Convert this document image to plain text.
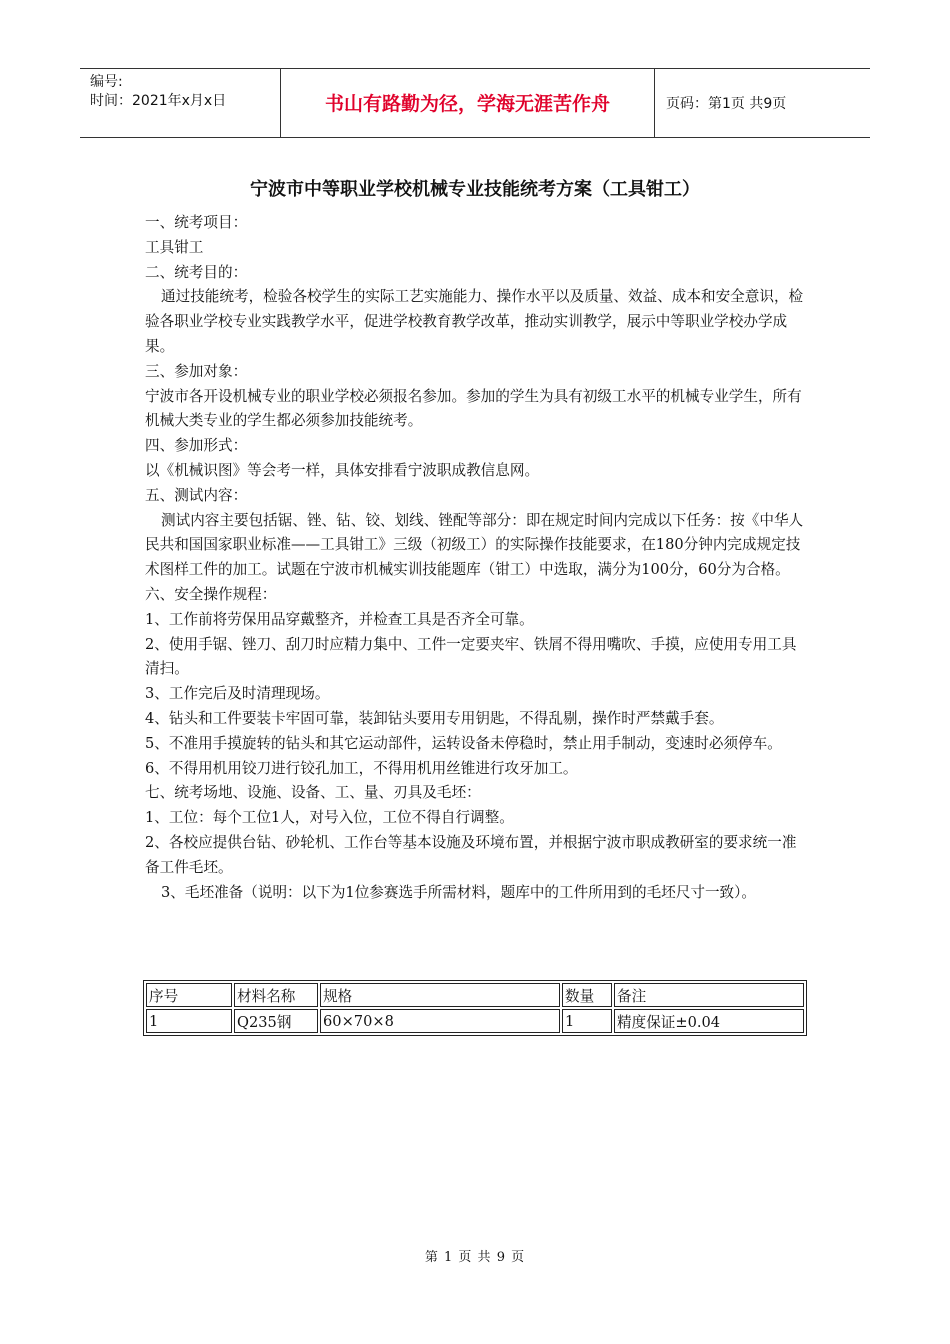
编号:
时间：2021年x月x日	书山有路勤为径，学海无涯苦作舟	页码：第1页 共9页
宁波市中等职业学校机械专业技能统考方案（工具钳工）

一、统考项目：

工具钳工

二、统考目的：

通过技能统考，检验各校学生的实际工艺实施能力、操作水平以及质量、效益、成本和安全意识，检验各职业学校专业实践教学水平，促进学校教育教学改革，推动实训教学，展示中等职业学校办学成果。

三、参加对象：

宁波市各开设机械专业的职业学校必须报名参加。参加的学生为具有初级工水平的机械专业学生，所有机械大类专业的学生都必须参加技能统考。

四、参加形式：

以《机械识图》等会考一样，具体安排看宁波职成教信息网。

五、测试内容：

测试内容主要包括锯、锉、钻、铰、划线、锉配等部分：即在规定时间内完成以下任务：按《中华人民共和国国家职业标准——工具钳工》三级（初级工）的实际操作技能要求，在180分钟内完成规定技术图样工件的加工。试题在宁波市机械实训技能题库（钳工）中选取，满分为100分，60分为合格。

六、安全操作规程：

1、工作前将劳保用品穿戴整齐，并检查工具是否齐全可靠。

2、使用手锯、锉刀、刮刀时应精力集中、工件一定要夹牢、铁屑不得用嘴吹、手摸，应使用专用工具清扫。

3、工作完后及时清理现场。

4、钻头和工件要装卡牢固可靠，装卸钻头要用专用钥匙，不得乱剔，操作时严禁戴手套。

5、不准用手摸旋转的钻头和其它运动部件，运转设备未停稳时，禁止用手制动，变速时必须停车。

6、不得用机用铰刀进行铰孔加工，不得用机用丝锥进行攻牙加工。

七、统考场地、设施、设备、工、量、刃具及毛坯：

1、工位：每个工位1人，对号入位，工位不得自行调整。

2、各校应提供台钻、砂轮机、工作台等基本设施及环境布置，并根据宁波市职成教研室的要求统一准备工件毛坯。

3、毛坯准备（说明：以下为1位参赛选手所需材料，题库中的工件所用到的毛坯尺寸一致）。

序号	材料名称	规格	数量	备注
1	Q235钢	60×70×8	1	精度保证±0.04
第 1 页 共 9 页
